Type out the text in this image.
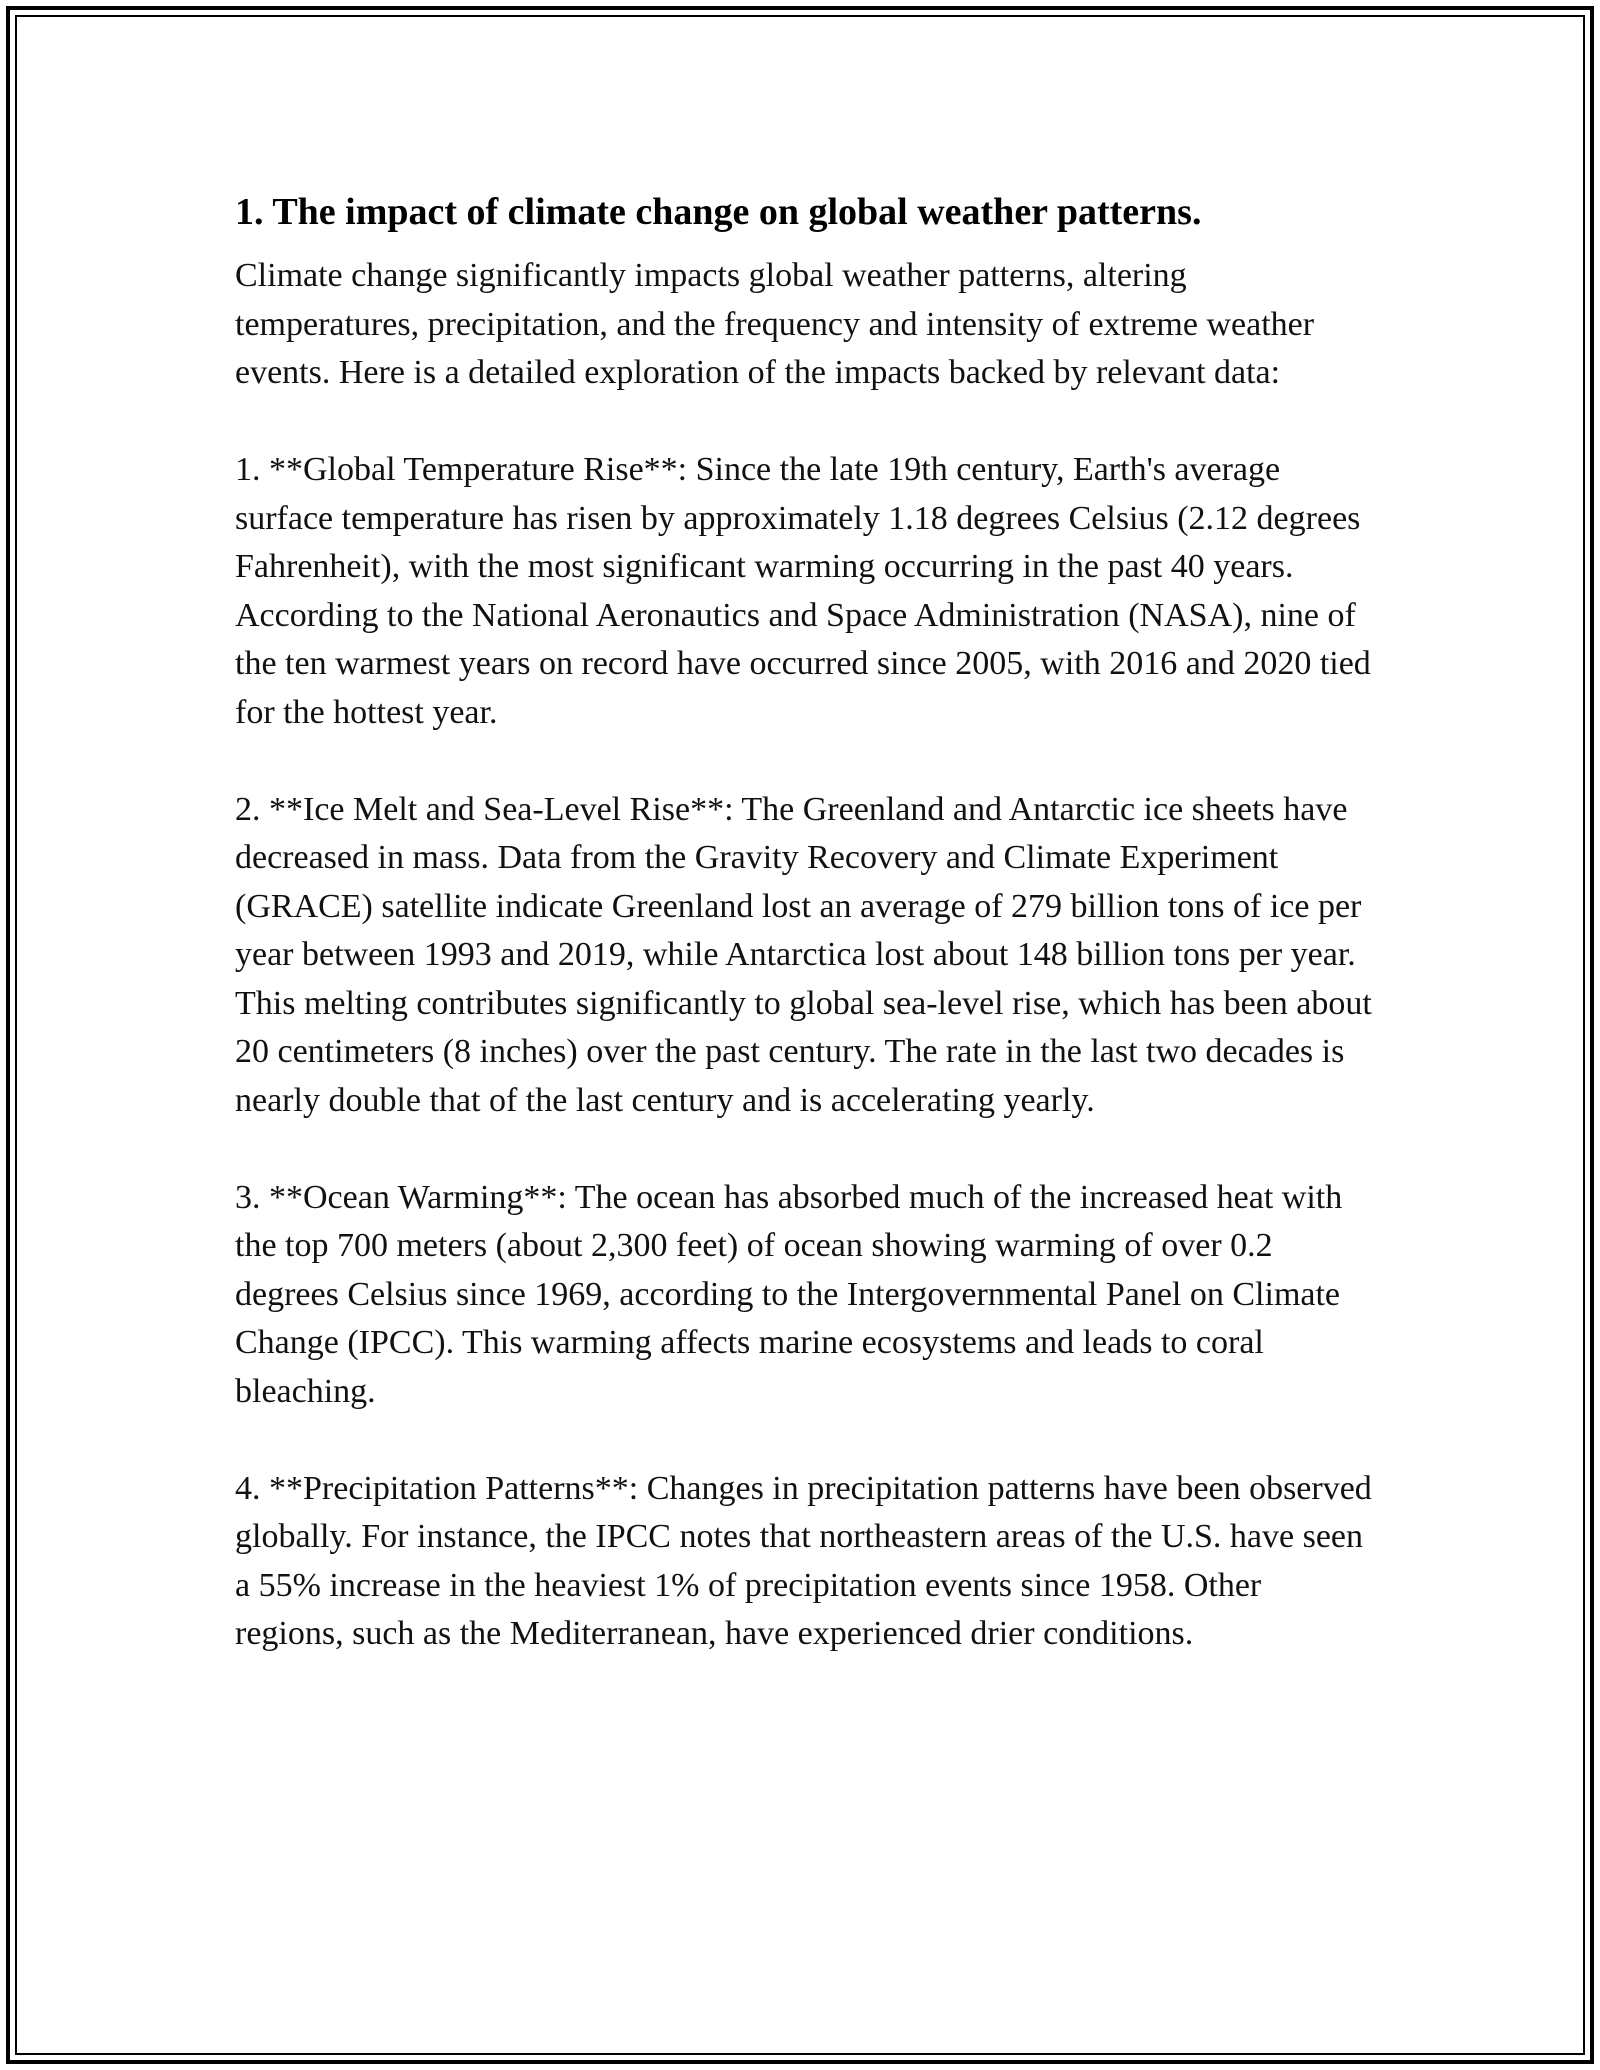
1. The impact of climate change on global weather patterns.

Climate change significantly impacts global weather patterns, altering temperatures, precipitation, and the frequency and intensity of extreme weather events. Here is a detailed exploration of the impacts backed by relevant data:

1. **Global Temperature Rise**: Since the late 19th century, Earth's average surface temperature has risen by approximately 1.18 degrees Celsius (2.12 degrees Fahrenheit), with the most significant warming occurring in the past 40 years. According to the National Aeronautics and Space Administration (NASA), nine of the ten warmest years on record have occurred since 2005, with 2016 and 2020 tied for the hottest year.

2. **Ice Melt and Sea-Level Rise**: The Greenland and Antarctic ice sheets have decreased in mass. Data from the Gravity Recovery and Climate Experiment (GRACE) satellite indicate Greenland lost an average of 279 billion tons of ice per year between 1993 and 2019, while Antarctica lost about 148 billion tons per year. This melting contributes significantly to global sea-level rise, which has been about 20 centimeters (8 inches) over the past century. The rate in the last two decades is nearly double that of the last century and is accelerating yearly.

3. **Ocean Warming**: The ocean has absorbed much of the increased heat with the top 700 meters (about 2,300 feet) of ocean showing warming of over 0.2 degrees Celsius since 1969, according to the Intergovernmental Panel on Climate Change (IPCC). This warming affects marine ecosystems and leads to coral bleaching.

4. **Precipitation Patterns**: Changes in precipitation patterns have been observed globally. For instance, the IPCC notes that northeastern areas of the U.S. have seen a 55% increase in the heaviest 1% of precipitation events since 1958. Other regions, such as the Mediterranean, have experienced drier conditions.
